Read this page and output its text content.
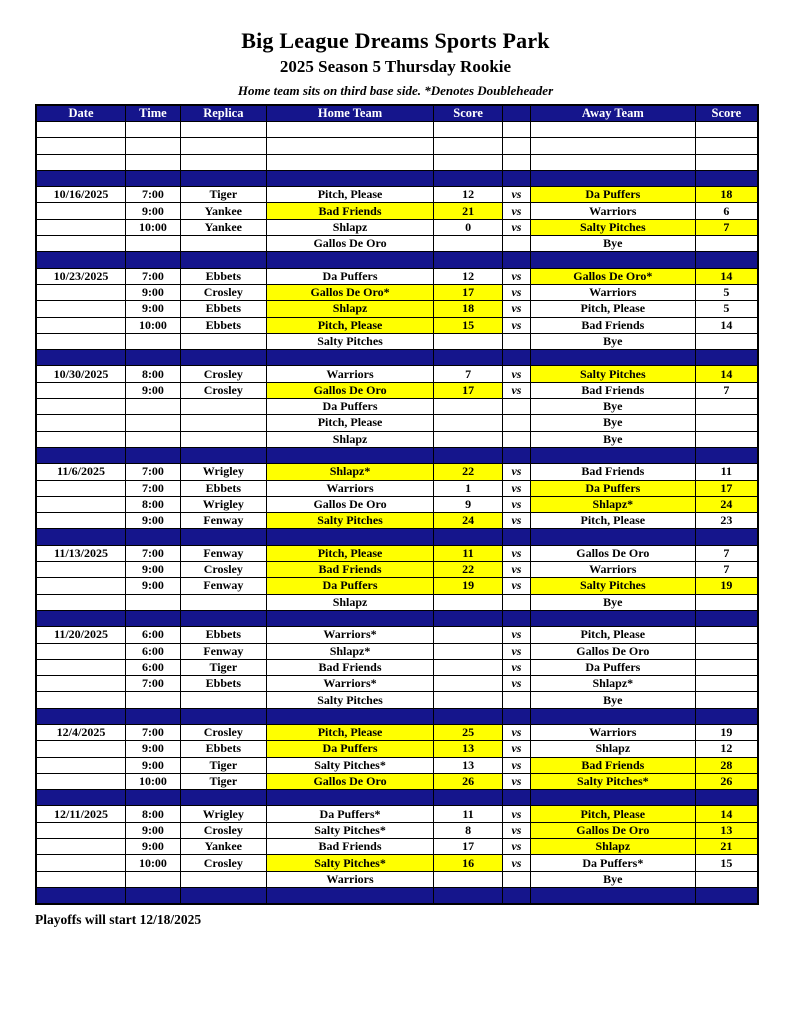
Big League Dreams Sports Park
2025 Season 5 Thursday Rookie
Home team sits on third base side. *Denotes Doubleheader
Date	Time	Replica	Home Team	Score		Away Team	Score

10/16/2025	7:00	Tiger	Pitch, Please	12	vs	Da Puffers	18
	9:00	Yankee	Bad Friends	21	vs	Warriors	6
	10:00	Yankee	Shlapz	0	vs	Salty Pitches	7
			Gallos De Oro			Bye	

10/23/2025	7:00	Ebbets	Da Puffers	12	vs	Gallos De Oro*	14
	9:00	Crosley	Gallos De Oro*	17	vs	Warriors	5
	9:00	Ebbets	Shlapz	18	vs	Pitch, Please	5
	10:00	Ebbets	Pitch, Please	15	vs	Bad Friends	14
			Salty Pitches			Bye	

10/30/2025	8:00	Crosley	Warriors	7	vs	Salty Pitches	14
	9:00	Crosley	Gallos De Oro	17	vs	Bad Friends	7
			Da Puffers			Bye	
			Pitch, Please			Bye	
			Shlapz			Bye	

11/6/2025	7:00	Wrigley	Shlapz*	22	vs	Bad Friends	11
	7:00	Ebbets	Warriors	1	vs	Da Puffers	17
	8:00	Wrigley	Gallos De Oro	9	vs	Shlapz*	24
	9:00	Fenway	Salty Pitches	24	vs	Pitch, Please	23

11/13/2025	7:00	Fenway	Pitch, Please	11	vs	Gallos De Oro	7
	9:00	Crosley	Bad Friends	22	vs	Warriors	7
	9:00	Fenway	Da Puffers	19	vs	Salty Pitches	19
			Shlapz			Bye	

11/20/2025	6:00	Ebbets	Warriors*		vs	Pitch, Please	
	6:00	Fenway	Shlapz*		vs	Gallos De Oro	
	6:00	Tiger	Bad Friends		vs	Da Puffers	
	7:00	Ebbets	Warriors*		vs	Shlapz*	
			Salty Pitches			Bye	

12/4/2025	7:00	Crosley	Pitch, Please	25	vs	Warriors	19
	9:00	Ebbets	Da Puffers	13	vs	Shlapz	12
	9:00	Tiger	Salty Pitches*	13	vs	Bad Friends	28
	10:00	Tiger	Gallos De Oro	26	vs	Salty Pitches*	26

12/11/2025	8:00	Wrigley	Da Puffers*	11	vs	Pitch, Please	14
	9:00	Crosley	Salty Pitches*	8	vs	Gallos De Oro	13
	9:00	Yankee	Bad Friends	17	vs	Shlapz	21
	10:00	Crosley	Salty Pitches*	16	vs	Da Puffers*	15
			Warriors			Bye	

Playoffs will start 12/18/2025
